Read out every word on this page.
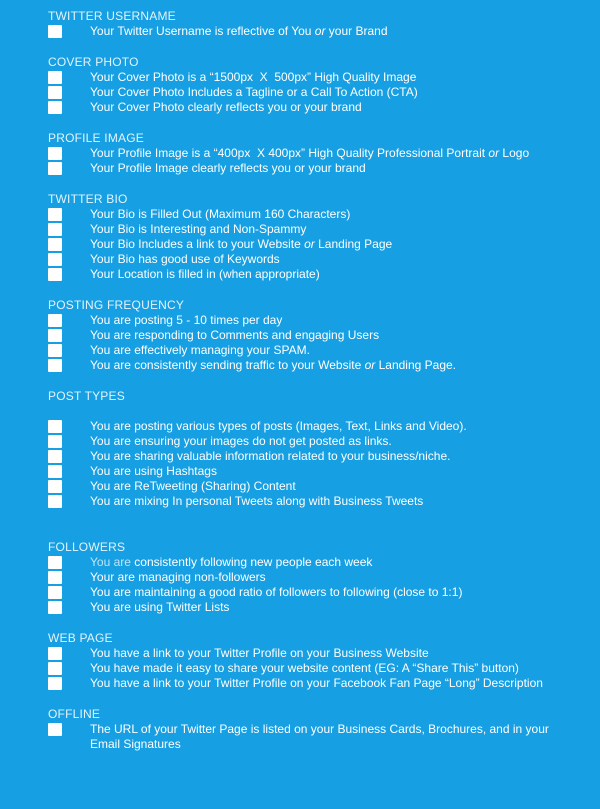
TWITTER USERNAME
Your Twitter Username is reflective of You or your Brand
COVER PHOTO
Your Cover Photo is a “1500px  X  500px” High Quality Image
Your Cover Photo Includes a Tagline or a Call To Action (CTA)
Your Cover Photo clearly reflects you or your brand
PROFILE IMAGE
Your Profile Image is a “400px  X 400px” High Quality Professional Portrait or Logo
Your Profile Image clearly reflects you or your brand
TWITTER BIO
Your Bio is Filled Out (Maximum 160 Characters)
Your Bio is Interesting and Non-Spammy
Your Bio Includes a link to your Website or Landing Page
Your Bio has good use of Keywords
Your Location is filled in (when appropriate)
POSTING FREQUENCY
You are posting 5 - 10 times per day
You are responding to Comments and engaging Users
You are effectively managing your SPAM.
You are consistently sending traffic to your Website or Landing Page.
POST TYPES
You are posting various types of posts (Images, Text, Links and Video).
You are ensuring your images do not get posted as links.
You are sharing valuable information related to your business/niche.
You are using Hashtags
You are ReTweeting (Sharing) Content
You are mixing In personal Tweets along with Business Tweets
FOLLOWERS
You are consistently following new people each week
Your are managing non-followers
You are maintaining a good ratio of followers to following (close to 1:1)
You are using Twitter Lists
WEB PAGE
You have a link to your Twitter Profile on your Business Website
You have made it easy to share your website content (EG: A “Share This” button)
You have a link to your Twitter Profile on your Facebook Fan Page “Long” Description
OFFLINE
The URL of your Twitter Page is listed on your Business Cards, Brochures, and in your Email Signatures
